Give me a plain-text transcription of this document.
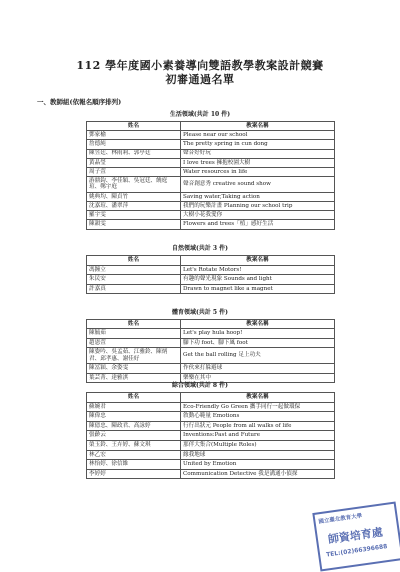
112 學年度國小素養導向雙語教學教案設計競賽
初審通過名單
一、教師組(依報名順序排列)
生活領域(共計 10 件)
姓名	教案名稱
鄧家榆	Please near our school
詹德純	The pretty spring in cun dong
陳昱廷、林雨莉、郭亭廷	聲音好好玩
黃晶瑩	I love trees 擁抱校園大樹
周子萱	Water resources in life
游鼎鈞、李佳穎、吳冠廷、饒庭瑄、鄭宇庭	聲音創意秀 creative sound show
姚典均、陳貞竹	Saving water,Taking action
沈嘉瑄、潘翠萍	我們的玩樂計畫 Planning our school trip
羅宇雯	大樹小花我愛你
陳韻雯	Flowers and trees「植」感好生活
自然領域(共計 3 件)
姓名	教案名稱
馮鐘立	Let's Rotate Motors!
朱民安	有趣的聲光現象 Sounds and light
許嘉真	Drawn to magnet like a magnet
體育領域(共計 5 件)
姓名	教案名稱
陳毓茹	Let's play hula hoop!
趙恩萱	腳下功 foot、腳下風 foot
陳姿吟、吳孟茹、江雅鈴、陳炳君、邱孝惠、謝佳好	Get the ball rolling 足上功夫
陳冨穎、余姿雯	作伙來打躲避球
葉芸菁、達雅淇	樂樂在其中
綜合領域(共計 8 件)
姓名	教案名稱
蘇婉君	Eco-Friendly Go Green 攜手同行一起做環保
陳偉忠	敘動心範量 Emotions
陳億忠、陳政君、高詠婷	行行出狀元 People from all walks of life
張齡云	Inventions:Past and Future
榮玉鈴、王卉婷、蘇文琪	那伴大集合(Multiple Roles)
林乙宏	緣我地球
林怡婷、徐信維	United by Emotion
李婷婷	Communication Detective 我是溝通小偵探
國立臺北教育大學
師資培育處
TEL:(02)66396688
